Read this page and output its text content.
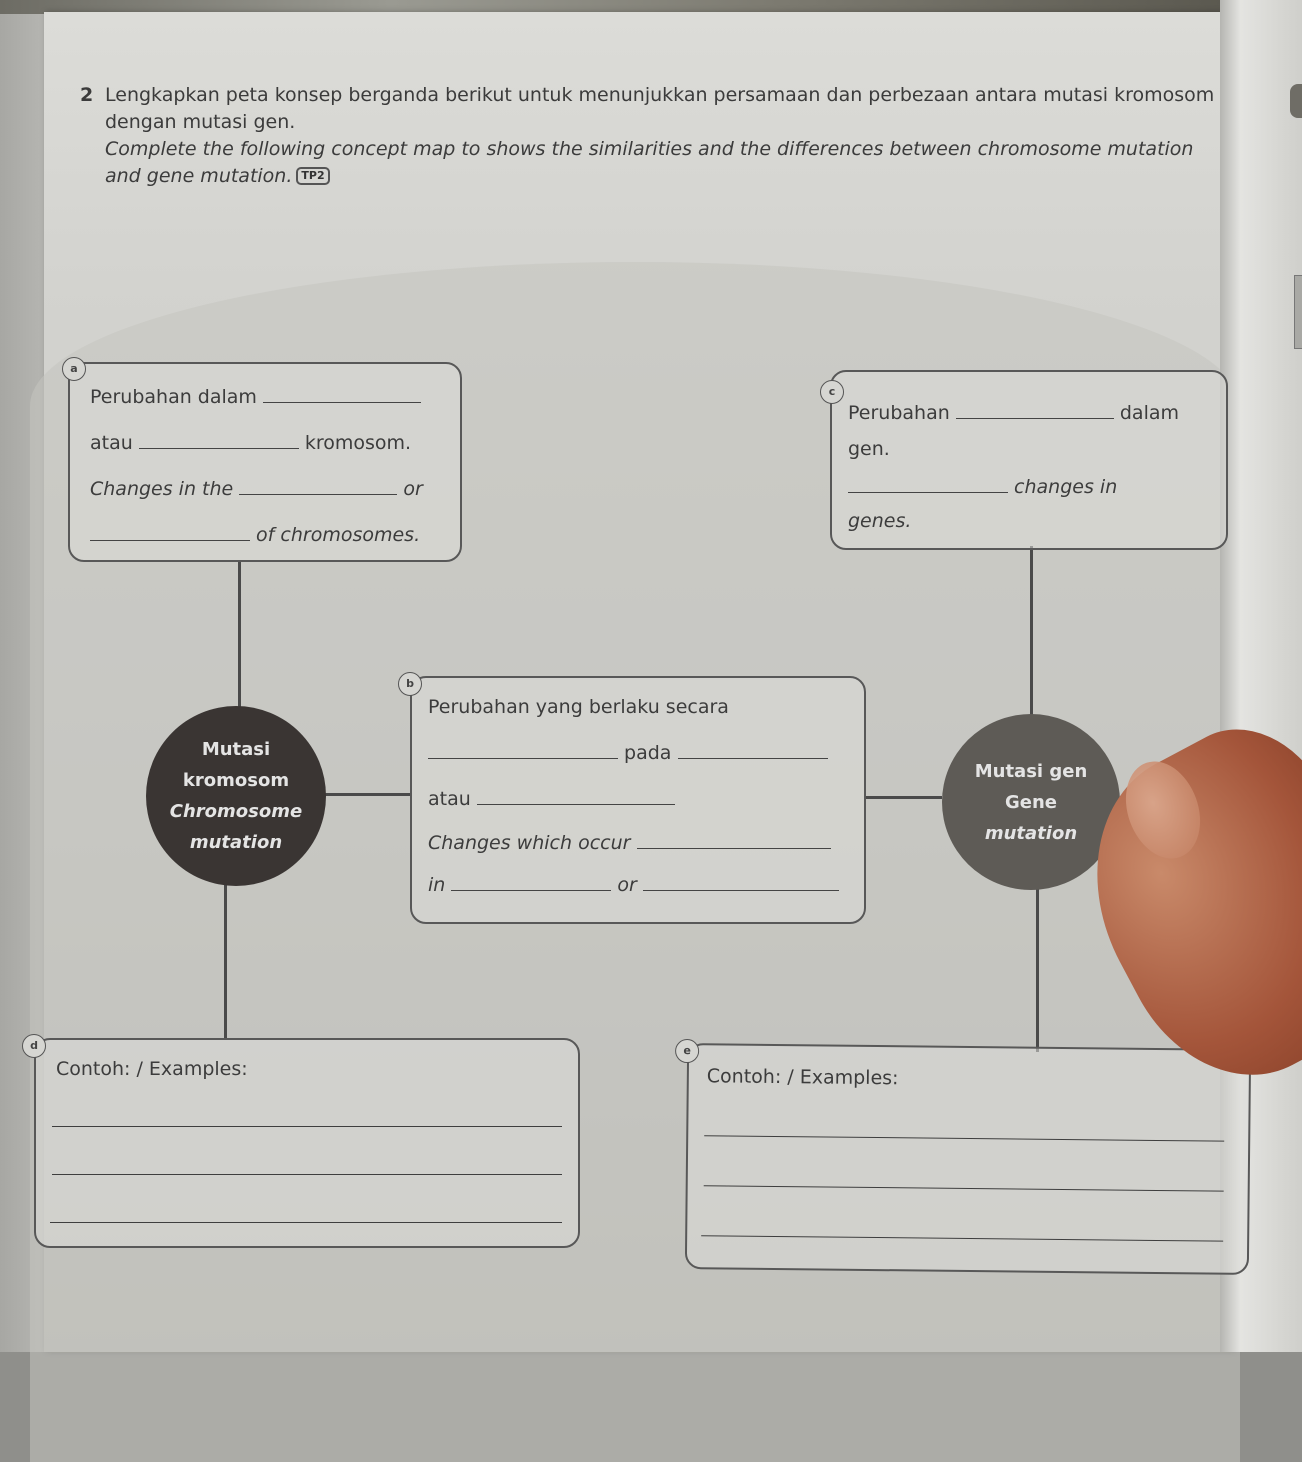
2 Lengkapkan peta konsep berganda berikut untuk menunjukkan persamaan dan perbezaan antara mutasi kromosom dengan mutasi gen.
Complete the following concept map to shows the similarities and the differences between chromosome mutation and gene mutation. TP2
a
Perubahan dalam
atau	kromosom.
Changes in the	or
of chromosomes.
c
Perubahan	dalam
gen.
changes in
genes.
b
Perubahan yang berlaku secara
pada
atau
Changes which occur
in	or
Mutasi
kromosom
Chromosome
mutation
Mutasi gen
Gene
mutation
d
Contoh: / Examples:
e
Contoh: / Examples:
